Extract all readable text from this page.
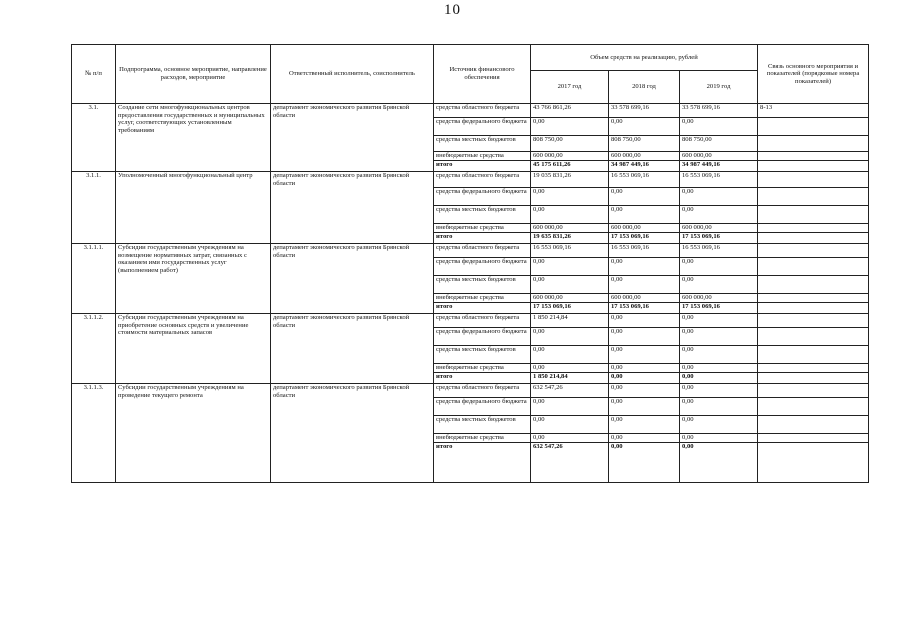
10
№ п/п	Подпрограмма, основное мероприятие, направление расходов, мероприятие	Ответственный исполнитель, соисполнитель	Источник финансового обеспечения	Объем средств на реализацию, рублей			Связь основного мероприятия и показателей (порядковые номера показателей)
				2017 год	2018 год	2019 год	
3.1.	Создание сети многофункциональных центров предоставления государственных и муниципальных услуг, соответствующих установленным требованиям	департамент экономического развития Брянской области	средства областного бюджета	43 766 861,26	33 578 699,16	33 578 699,16	8-13
			средства федерального бюджета	0,00	0,00	0,00	
			средства местных бюджетов	808 750,00	808 750,00	808 750,00	
			внебюджетные средства	600 000,00	600 000,00	600 000,00	
			итого	45 175 611,26	34 987 449,16	34 987 449,16	
3.1.1.	Уполномоченный многофункциональный центр	департамент экономического развития Брянской области	средства областного бюджета	19 035 831,26	16 553 069,16	16 553 069,16	
			средства федерального бюджета	0,00	0,00	0,00	
			средства местных бюджетов	0,00	0,00	0,00	
			внебюджетные средства	600 000,00	600 000,00	600 000,00	
			итого	19 635 831,26	17 153 069,16	17 153 069,16	
3.1.1.1.	Субсидии государственным учреждениям на возмещение нормативных затрат, связанных с оказанием ими государственных услуг (выполнением работ)	департамент экономического развития Брянской области	средства областного бюджета	16 553 069,16	16 553 069,16	16 553 069,16	
			средства федерального бюджета	0,00	0,00	0,00	
			средства местных бюджетов	0,00	0,00	0,00	
			внебюджетные средства	600 000,00	600 000,00	600 000,00	
			итого	17 153 069,16	17 153 069,16	17 153 069,16	
3.1.1.2.	Субсидии государственным учреждениям на приобретение основных средств и увеличение стоимости материальных запасов	департамент экономического развития Брянской области	средства областного бюджета	1 850 214,84	0,00	0,00	
			средства федерального бюджета	0,00	0,00	0,00	
			средства местных бюджетов	0,00	0,00	0,00	
			внебюджетные средства	0,00	0,00	0,00	
			итого	1 850 214,84	0,00	0,00	
3.1.1.3.	Субсидии государственным учреждениям на проведение текущего ремонта	департамент экономического развития Брянской области	средства областного бюджета	632 547,26	0,00	0,00	
			средства федерального бюджета	0,00	0,00	0,00	
			средства местных бюджетов	0,00	0,00	0,00	
			внебюджетные средства	0,00	0,00	0,00	
			итого	632 547,26	0,00	0,00	
